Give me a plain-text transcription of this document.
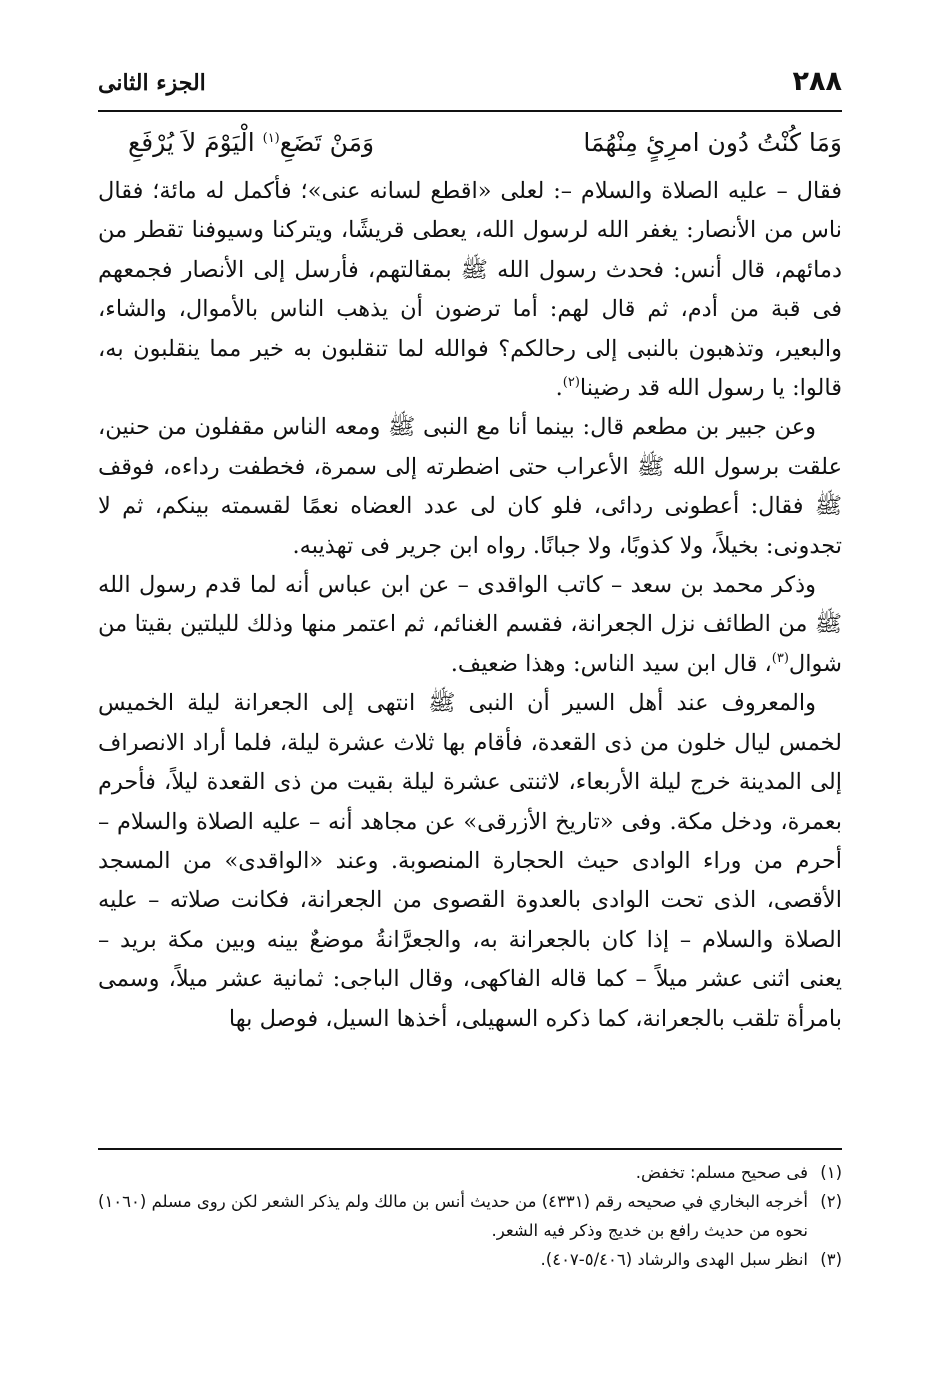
٢٨٨
الجزء الثانى
وَمَا كُنْتُ دُون امرِئٍ مِنْهُمَا
وَمَنْ تَضَعِ$^{(١)}$ الْيَوْمَ لاَ يُرْفَعِ

فقال – عليه الصلاة والسلام –: لعلى «اقطع لسانه عنى»؛ فأكمل له مائة؛ فقال ناس من الأنصار: يغفر الله لرسول الله، يعطى قريشًا، ويتركنا وسيوفنا تقطر من دمائهم، قال أنس: فحدث رسول الله ﷺ بمقالتهم، فأرسل إلى الأنصار فجمعهم فى قبة من أدم، ثم قال لهم: أما ترضون أن يذهب الناس بالأموال، والشاء، والبعير، وتذهبون بالنبى إلى رحالكم؟ فوالله لما تنقلبون به خير مما ينقلبون به، قالوا: يا رسول الله قد رضينا$^{(٢)}$.

وعن جبير بن مطعم قال: بينما أنا مع النبى ﷺ ومعه الناس مقفلون من حنين، علقت برسول الله ﷺ الأعراب حتى اضطرته إلى سمرة، فخطفت رداءه، فوقف ﷺ فقال: أعطونى ردائى، فلو كان لى عدد العضاه نعمًا لقسمته بينكم، ثم لا تجدونى: بخيلاً، ولا كذوبًا، ولا جبانًا. رواه ابن جرير فى تهذيبه.

وذكر محمد بن سعد – كاتب الواقدى – عن ابن عباس أنه لما قدم رسول الله ﷺ من الطائف نزل الجعرانة، فقسم الغنائم، ثم اعتمر منها وذلك لليلتين بقيتا من شوال$^{(٣)}$، قال ابن سيد الناس: وهذا ضعيف.

والمعروف عند أهل السير أن النبى ﷺ انتهى إلى الجعرانة ليلة الخميس لخمس ليال خلون من ذى القعدة، فأقام بها ثلاث عشرة ليلة، فلما أراد الانصراف إلى المدينة خرج ليلة الأربعاء، لاثنتى عشرة ليلة بقيت من ذى القعدة ليلاً، فأحرم بعمرة، ودخل مكة. وفى «تاريخ الأزرقى» عن مجاهد أنه – عليه الصلاة والسلام – أحرم من وراء الوادى حيث الحجارة المنصوبة. وعند «الواقدى» من المسجد الأقصى، الذى تحت الوادى بالعدوة القصوى من الجعرانة، فكانت صلاته – عليه الصلاة والسلام – إذا كان بالجعرانة به، والجعرَّانةُ موضعٌ بينه وبين مكة بريد – يعنى اثنى عشر ميلاً – كما قاله الفاكهى، وقال الباجى: ثمانية عشر ميلاً، وسمى بامرأة تلقب بالجعرانة، كما ذكره السهيلى، أخذها السيل، فوصل بها

(١)
فى صحيح مسلم: تخفض.
(٢)
أخرجه البخاري في صحيحه رقم (٤٣٣١) من حديث أنس بن مالك ولم يذكر الشعر لكن روى مسلم (١٠٦٠) نحوه من حديث رافع بن خديج وذكر فيه الشعر.
(٣)
انظر سبل الهدى والرشاد (٥/٤٠٦-٤٠٧).
